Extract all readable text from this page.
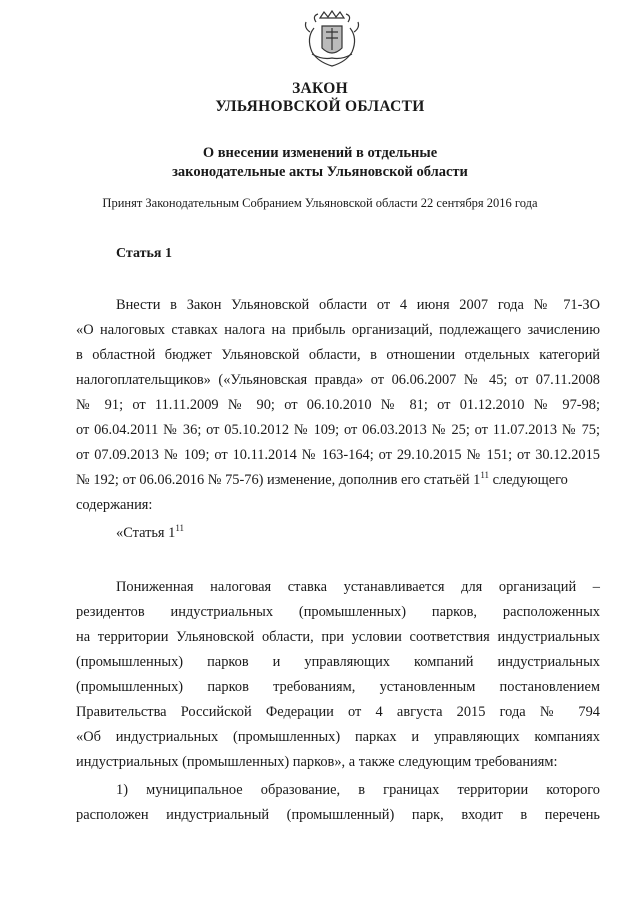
ЗАКОН
УЛЬЯНОВСКОЙ ОБЛАСТИ
О внесении изменений в отдельные
законодательные акты Ульяновской области
Принят Законодательным Собранием Ульяновской области 22 сентября 2016 года
Статья 1
Внести в Закон Ульяновской области от 4 июня 2007 года № 71-ЗО
«О налоговых ставках налога на прибыль организаций, подлежащего зачислению
в областной бюджет Ульяновской области, в отношении отдельных категорий
налогоплательщиков» («Ульяновская правда» от 06.06.2007 № 45; от 07.11.2008
№ 91; от 11.11.2009 № 90; от 06.10.2010 № 81; от 01.12.2010 № 97-98;
от 06.04.2011 № 36; от 05.10.2012 № 109; от 06.03.2013 № 25; от 11.07.2013 № 75;
от 07.09.2013 № 109; от 10.11.2014 № 163-164; от 29.10.2015 № 151; от 30.12.2015
№ 192; от 06.06.2016 № 75-76) изменение, дополнив его статьёй $1^{11}$ следующего
содержания:
«Статья $1^{11}$
Пониженная налоговая ставка устанавливается для организаций –
резидентов индустриальных (промышленных) парков, расположенных
на территории Ульяновской области, при условии соответствия индустриальных
(промышленных) парков и управляющих компаний индустриальных
(промышленных) парков требованиям, установленным постановлением
Правительства Российской Федерации от 4 августа 2015 года № 794
«Об индустриальных (промышленных) парках и управляющих компаниях
индустриальных (промышленных) парков», а также следующим требованиям:
1) муниципальное образование, в границах территории которого
расположен индустриальный (промышленный) парк, входит в перечень
